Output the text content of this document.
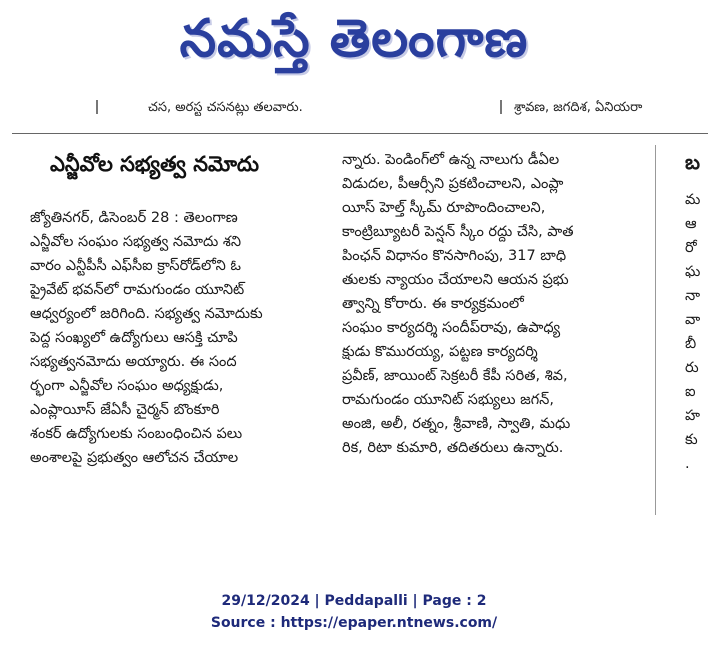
నమస్తే తెలంగాణ
చస, అరస్ట చసనట్లు తలవారు.	శ్రావణ, జగదిశ, ఏనియరా
ఎన్జీవోల సభ్యత్వ నమోదు
జ్యోతినగర్, డిసెంబర్ 28 : తెలంగాణ
ఎన్జీవోల సంఘం సభ్యత్వ నమోదు శని
వారం ఎన్టీపీసీ ఎఫ్‌సీఐ క్రాస్‌రోడ్‌లోని ఓ
ప్రైవేట్ భవన్‌లో రామగుండం యూనిట్
ఆధ్వర్యంలో జరిగింది. సభ్యత్వ నమోదుకు
పెద్ద సంఖ్యలో ఉద్యోగులు ఆసక్తి చూపి
సభ్యత్వనమోదు అయ్యారు. ఈ సంద
ర్భంగా ఎన్జీవోల సంఘం అధ్యక్షుడు,
ఎంప్లాయీస్ జేఏసీ చైర్మన్ బొంకూరి
శంకర్ ఉద్యోగులకు సంబంధించిన పలు
అంశాలపై ప్రభుత్వం ఆలోచన చేయాల
న్నారు. పెండింగ్‌లో ఉన్న నాలుగు డీఏల
విడుదల, పీఆర్సీని ప్రకటించాలని, ఎంప్లా
యీస్ హెల్త్ స్కీమ్ రూపొందించాలని,
కాంట్రిబ్యూటరీ పెన్షన్ స్కీం రద్దు చేసి, పాత
పింఛన్ విధానం కొనసాగింపు, 317 బాధి
తులకు న్యాయం చేయాలని ఆయన ప్రభు
త్వాన్ని కోరారు. ఈ కార్యక్రమంలో
సంఘం కార్యదర్శి సందీప్‌రావు, ఉపాధ్య
క్షుడు కొమురయ్య, పట్టణ కార్యదర్శి
ప్రవీణ్, జాయింట్ సెక్రటరీ కేపీ సరిత, శివ,
రామగుండం యూనిట్ సభ్యులు జగన్,
అంజి, అలీ, రత్నం, శ్రీవాణి, స్వాతి, మధు
రిక, రిటా కుమారి, తదితరులు ఉన్నారు.
బ
మ
ఆ
రో
ఘ
నా
వా
బీ
రు
ఐ
హ
కు
.
29/12/2024 | Peddapalli | Page : 2
Source : https://epaper.ntnews.com/
